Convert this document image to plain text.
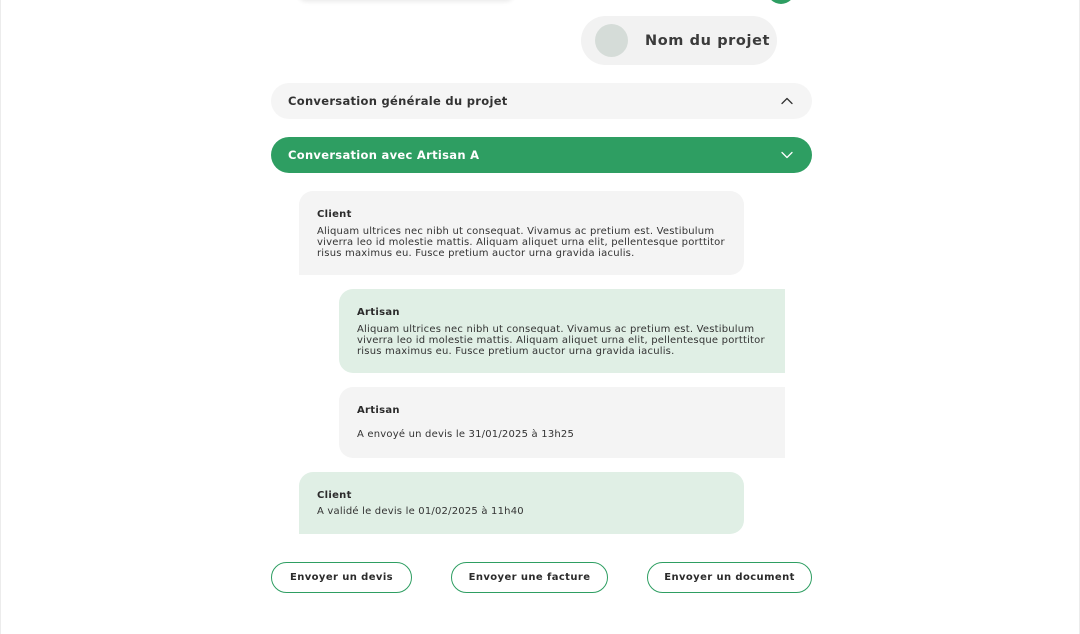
Nom du projet
Conversation générale du projet
Conversation avec Artisan A
Client
Aliquam ultrices nec nibh ut consequat. Vivamus ac pretium est. Vestibulum viverra leo id molestie mattis. Aliquam aliquet urna elit, pellentesque porttitor risus maximus eu. Fusce pretium auctor urna gravida iaculis.
Artisan
Aliquam ultrices nec nibh ut consequat. Vivamus ac pretium est. Vestibulum viverra leo id molestie mattis. Aliquam aliquet urna elit, pellentesque porttitor risus maximus eu. Fusce pretium auctor urna gravida iaculis.
Artisan
A envoyé un devis le 31/01/2025 à 13h25
Client
A validé le devis le 01/02/2025 à 11h40
Envoyer un devis	Envoyer une facture	Envoyer un document
